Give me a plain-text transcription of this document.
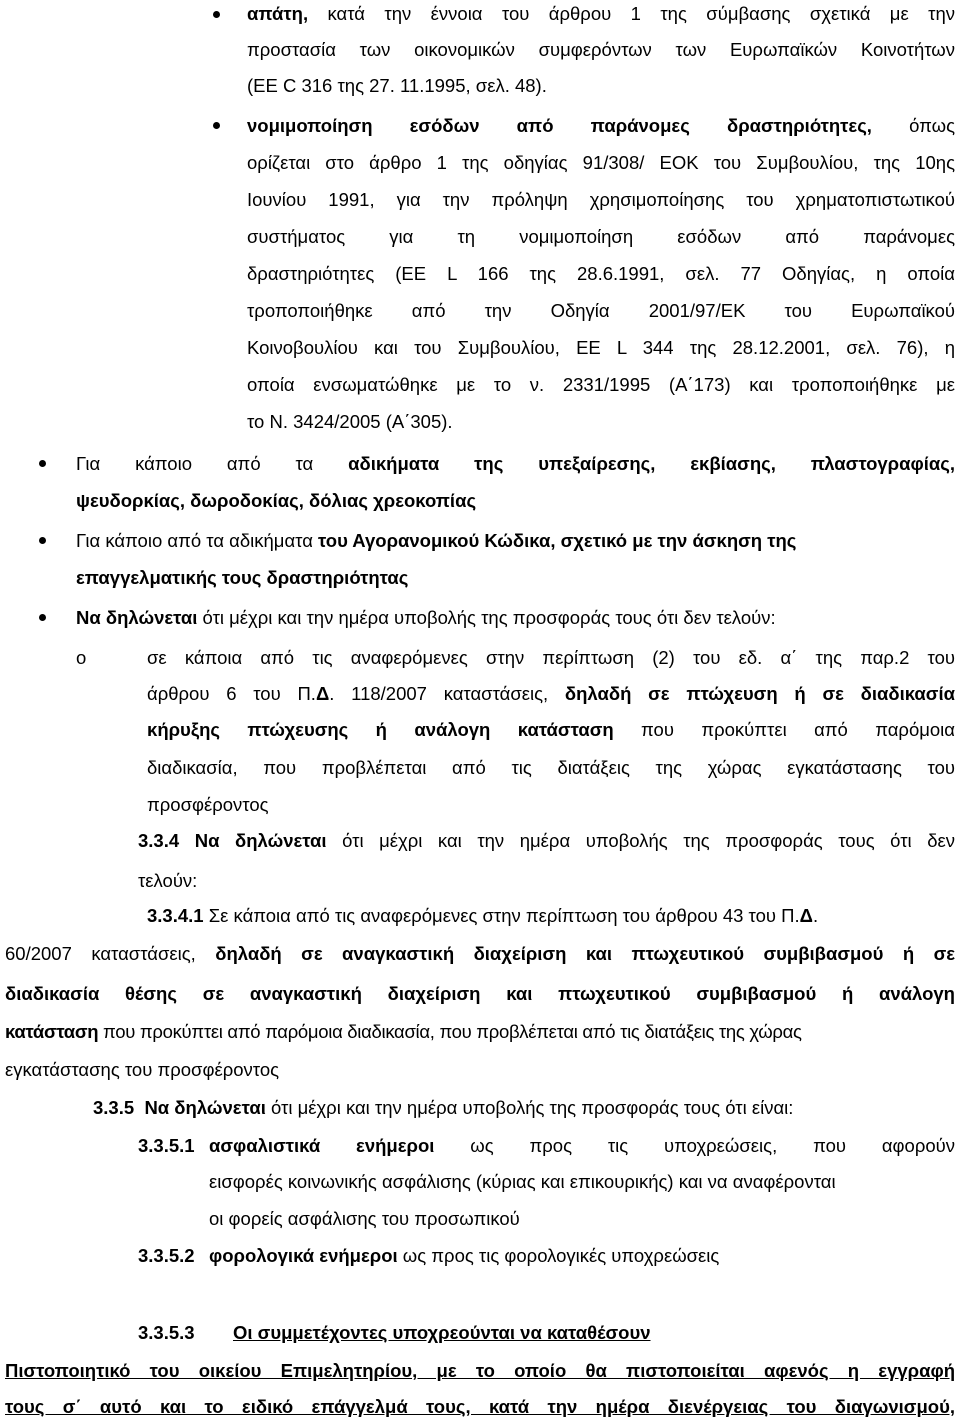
απάτη, κατά την έννοια του άρθρου 1 της σύμβασης σχετικά με την
προστασία των οικονομικών συμφερόντων των Ευρωπαϊκών Κοινοτήτων
(ΕΕ C 316 της 27. 11.1995, σελ. 48).
νομιμοποίηση εσόδων από παράνομες δραστηριότητες, όπως
ορίζεται στο άρθρο 1 της οδηγίας 91/308/ ΕΟΚ του Συμβουλίου, της 10ης
Ιουνίου 1991, για την πρόληψη χρησιμοποίησης του χρηματοπιστωτικού
συστήματος για τη νομιμοποίηση εσόδων από παράνομες
δραστηριότητες (ΕΕ L 166 της 28.6.1991, σελ. 77 Οδηγίας, η οποία
τροποποιήθηκε από την Οδηγία 2001/97/ΕΚ του Ευρωπαϊκού
Κοινοβουλίου και του Συμβουλίου, ΕΕ L 344 της 28.12.2001, σελ. 76), η
οποία ενσωματώθηκε με το ν. 2331/1995 (Α΄173) και τροποποιήθηκε με
το Ν. 3424/2005 (Α΄305).
Για κάποιο από τα αδικήματα της υπεξαίρεσης, εκβίασης, πλαστογραφίας,
ψευδορκίας, δωροδοκίας, δόλιας χρεοκοπίας
Για κάποιο από τα αδικήματα του Αγορανομικού Κώδικα, σχετικό με την άσκηση της
επαγγελματικής τους δραστηριότητας
Να δηλώνεται ότι μέχρι και την ημέρα υποβολής της προσφοράς τους ότι δεν τελούν:
o	σε κάποια από τις αναφερόμενες στην περίπτωση (2) του εδ. α΄ της παρ.2 του
άρθρου 6 του Π.Δ. 118/2007 καταστάσεις, δηλαδή σε πτώχευση ή σε διαδικασία
κήρυξης πτώχευσης ή ανάλογη κατάσταση που προκύπτει από παρόμοια
διαδικασία, που προβλέπεται από τις διατάξεις της χώρας εγκατάστασης του
προσφέροντος
3.3.4 Να δηλώνεται ότι μέχρι και την ημέρα υποβολής της προσφοράς τους ότι δεν
τελούν:
3.3.4.1 Σε κάποια από τις αναφερόμενες στην περίπτωση του άρθρου 43 του Π.Δ.
60/2007 καταστάσεις, δηλαδή σε αναγκαστική διαχείριση και πτωχευτικού συμβιβασμού ή σε
διαδικασία θέσης σε αναγκαστική διαχείριση και πτωχευτικού συμβιβασμού ή ανάλογη
κατάσταση που προκύπτει από παρόμοια διαδικασία, που προβλέπεται από τις διατάξεις της χώρας
εγκατάστασης του προσφέροντος
3.3.5 Να δηλώνεται ότι μέχρι και την ημέρα υποβολής της προσφοράς τους ότι είναι:
3.3.5.1 ασφαλιστικά ενήμεροι ως προς τις υποχρεώσεις, που αφορούν
εισφορές κοινωνικής ασφάλισης (κύριας και επικουρικής) και να αναφέρονται
οι φορείς ασφάλισης του προσωπικού
3.3.5.2 φορολογικά ενήμεροι ως προς τις φορολογικές υποχρεώσεις
3.3.5.3 Οι συμμετέχοντες υποχρεούνται να καταθέσουν
Πιστοποιητικό του οικείου Επιμελητηρίου, με το οποίο θα πιστοποιείται αφενός η εγγραφή
τους σ΄ αυτό και το ειδικό επάγγελμά τους, κατά την ημέρα διενέργειας του διαγωνισμού,
